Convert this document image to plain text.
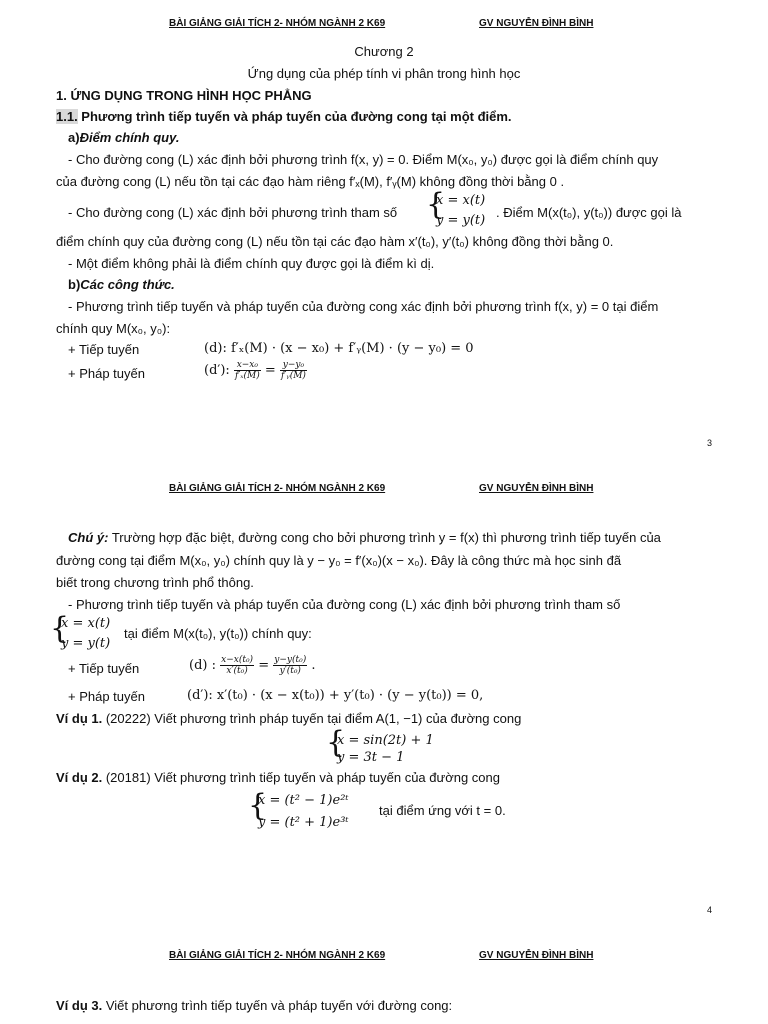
BÀI GIẢNG GIẢI TÍCH 2- NHÓM NGÀNH 2 K69	GV NGUYỄN ĐÌNH BÌNH
Chương 2
Ứng dụng của phép tính vi phân trong hình học
1. ỨNG DỤNG TRONG HÌNH HỌC PHẲNG
1.1. Phương trình tiếp tuyến và pháp tuyến của đường cong tại một điểm.
a)Điểm chính quy.
- Cho đường cong (L) xác định bởi phương trình f(x, y) = 0. Điểm M(x₀, y₀) được gọi là điểm chính quy
của đường cong (L) nếu tồn tại các đạo hàm riêng f′ₓ(M), f′ᵧ(M) không đồng thời bằng 0 .
- Cho đường cong (L) xác định bởi phương trình tham số {
x = x(t)
y = y(t)
. Điểm M(x(t₀), y(t₀)) được gọi là
điểm chính quy của đường cong (L) nếu tồn tại các đạo hàm x′(t₀), y′(t₀) không đồng thời bằng 0.
- Một điểm không phải là điểm chính quy được gọi là điểm kì dị.
b)Các công thức.
- Phương trình tiếp tuyến và pháp tuyến của đường cong xác định bởi phương trình f(x, y) = 0 tại điểm
chính quy M(x₀, y₀):
+ Tiếp tuyến	(d): f′ₓ(M) · (x − x₀) + f′ᵧ(M) · (y − y₀) = 0
+ Pháp tuyến	(d′): $\frac{\text{x−x₀}}{\text{f′ₓ(M)}} = \frac{\text{y−y₀}}{\text{f′ᵧ(M)}}$
3
BÀI GIẢNG GIẢI TÍCH 2- NHÓM NGÀNH 2 K69	GV NGUYỄN ĐÌNH BÌNH
Chú ý: Trường hợp đặc biệt, đường cong cho bởi phương trình y = f(x) thì phương trình tiếp tuyến của
đường cong tại điểm M(x₀, y₀) chính quy là y − y₀ = f′(x₀)(x − x₀). Đây là công thức mà học sinh đã
biết trong chương trình phổ thông.
- Phương trình tiếp tuyến và pháp tuyến của đường cong (L) xác định bởi phương trình tham số
{
x = x(t)
y = y(t)
tại điểm M(x(t₀), y(t₀)) chính quy:
+ Tiếp tuyến	(d) : $\frac{\text{x−x(t₀)}}{\text{x′(t₀)}} = \frac{\text{y−y(t₀)}}{\text{y′(t₀)}}$ .
+ Pháp tuyến	(d′): x′(t₀) · (x − x(t₀)) + y′(t₀) · (y − y(t₀)) = 0,
Ví dụ 1. (20222) Viết phương trình pháp tuyến tại điểm A(1, −1) của đường cong
{
x = sin(2t) + 1
y = 3t − 1
Ví dụ 2. (20181) Viết phương trình tiếp tuyến và pháp tuyến của đường cong
{
x = (t² − 1)e²ᵗ
y = (t² + 1)e³ᵗ
tại điểm ứng với t = 0.
4
BÀI GIẢNG GIẢI TÍCH 2- NHÓM NGÀNH 2 K69	GV NGUYỄN ĐÌNH BÌNH
Ví dụ 3. Viết phương trình tiếp tuyến và pháp tuyến với đường cong:
